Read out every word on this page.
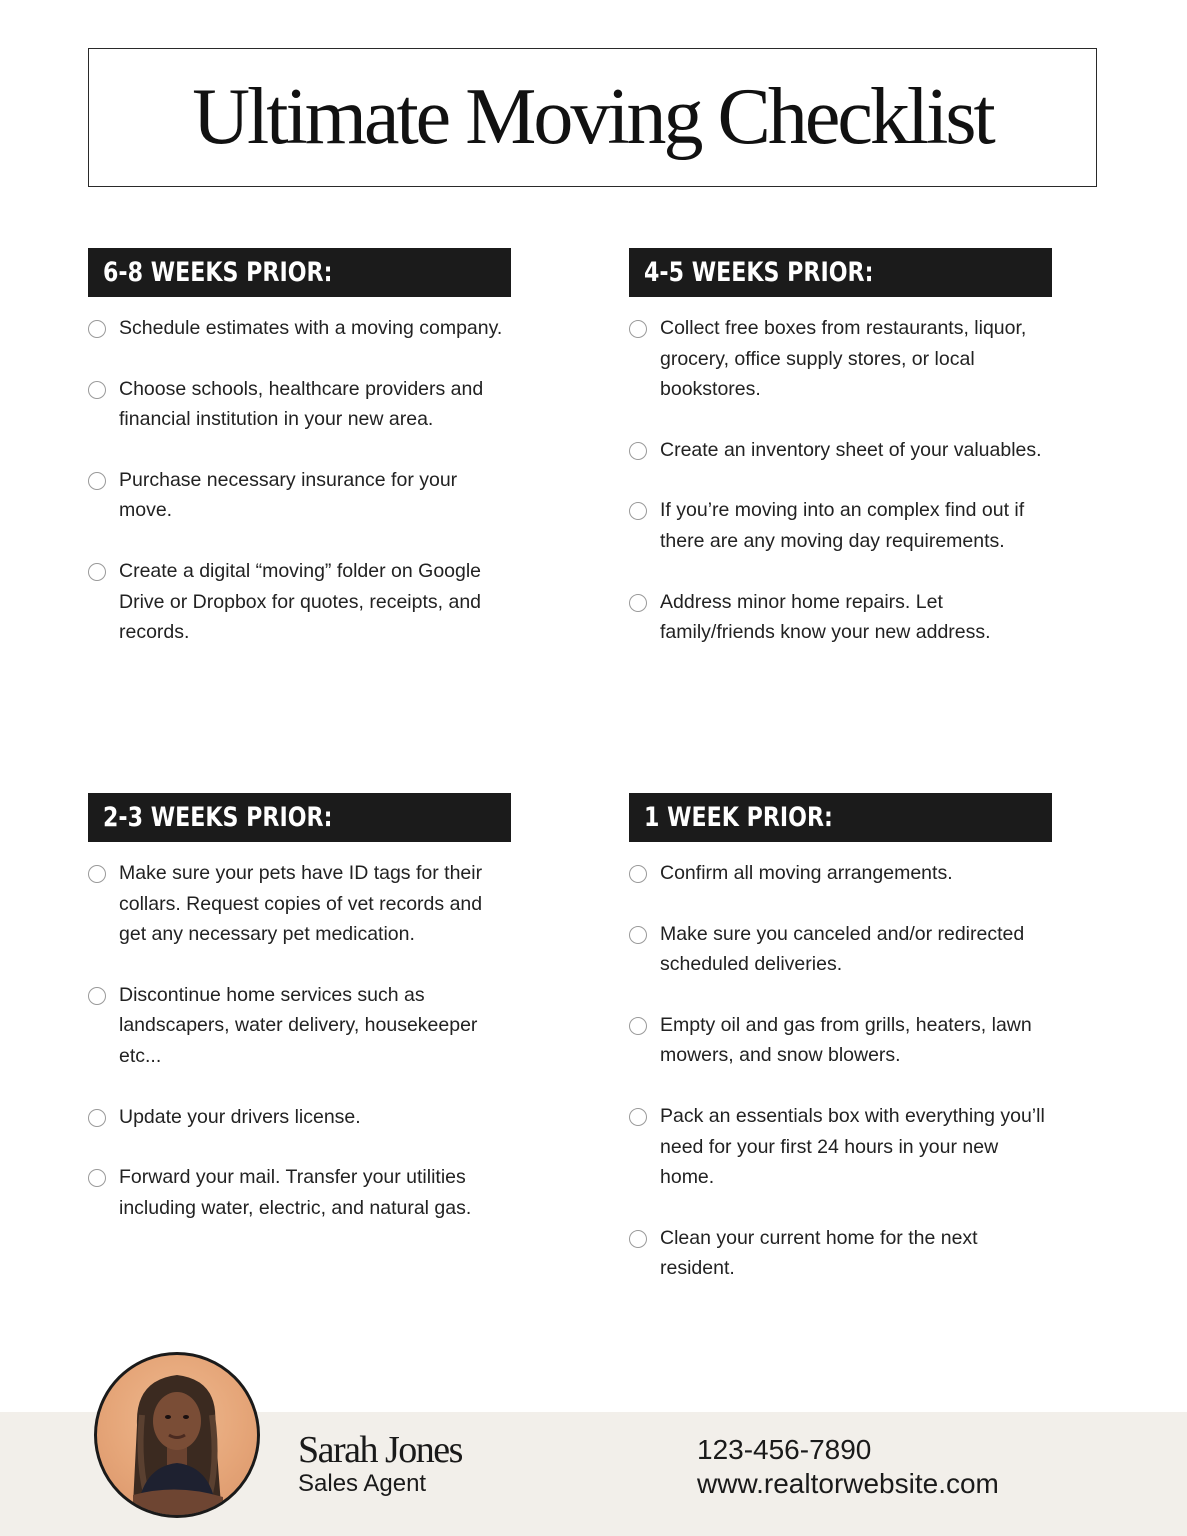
Ultimate Moving Checklist
6-8 WEEKS PRIOR:
Schedule estimates with a moving company.
Choose schools, healthcare providers and financial institution in your new area.
Purchase necessary insurance for your move.
Create a digital “moving” folder on Google Drive or Dropbox for quotes, receipts, and records.
4-5 WEEKS PRIOR:
Collect free boxes from restaurants, liquor, grocery, office supply stores, or local bookstores.
Create an inventory sheet of your valuables.
If you’re moving into an complex find out if there are any moving day requirements.
Address minor home repairs. Let family/friends know your new address.
2-3 WEEKS PRIOR:
Make sure your pets have ID tags for their collars. Request copies of vet records and get any necessary pet medication.
Discontinue home services such as landscapers, water delivery, housekeeper etc...
Update your drivers license.
Forward your mail. Transfer your utilities including water, electric, and natural gas.
1 WEEK PRIOR:
Confirm all moving arrangements.
Make sure you canceled and/or redirected scheduled deliveries.
Empty oil and gas from grills, heaters, lawn mowers, and snow blowers.
Pack an essentials box with everything you’ll need for your first 24 hours in your new home.
Clean your current home for the next resident.
Sarah Jones
Sales Agent
123-456-7890
www.realtorwebsite.com
